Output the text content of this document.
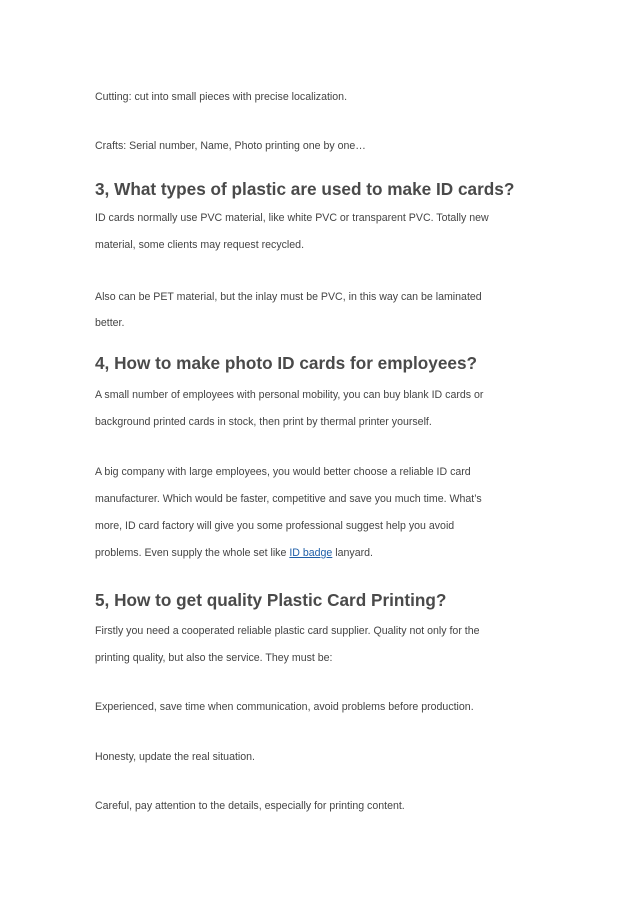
Cutting: cut into small pieces with precise localization.

Crafts: Serial number, Name, Photo printing one by one…

3, What types of plastic are used to make ID cards?

ID cards normally use PVC material, like white PVC or transparent PVC. Totally new

material, some clients may request recycled.

Also can be PET material, but the inlay must be PVC, in this way can be laminated

better.

4, How to make photo ID cards for employees?

A small number of employees with personal mobility, you can buy blank ID cards or

background printed cards in stock, then print by thermal printer yourself.

A big company with large employees, you would better choose a reliable ID card

manufacturer. Which would be faster, competitive and save you much time. What’s

more, ID card factory will give you some professional suggest help you avoid

problems. Even supply the whole set like ID badge lanyard.

5, How to get quality Plastic Card Printing?

Firstly you need a cooperated reliable plastic card supplier. Quality not only for the

printing quality, but also the service. They must be:

Experienced, save time when communication, avoid problems before production.

Honesty, update the real situation.

Careful, pay attention to the details, especially for printing content.
